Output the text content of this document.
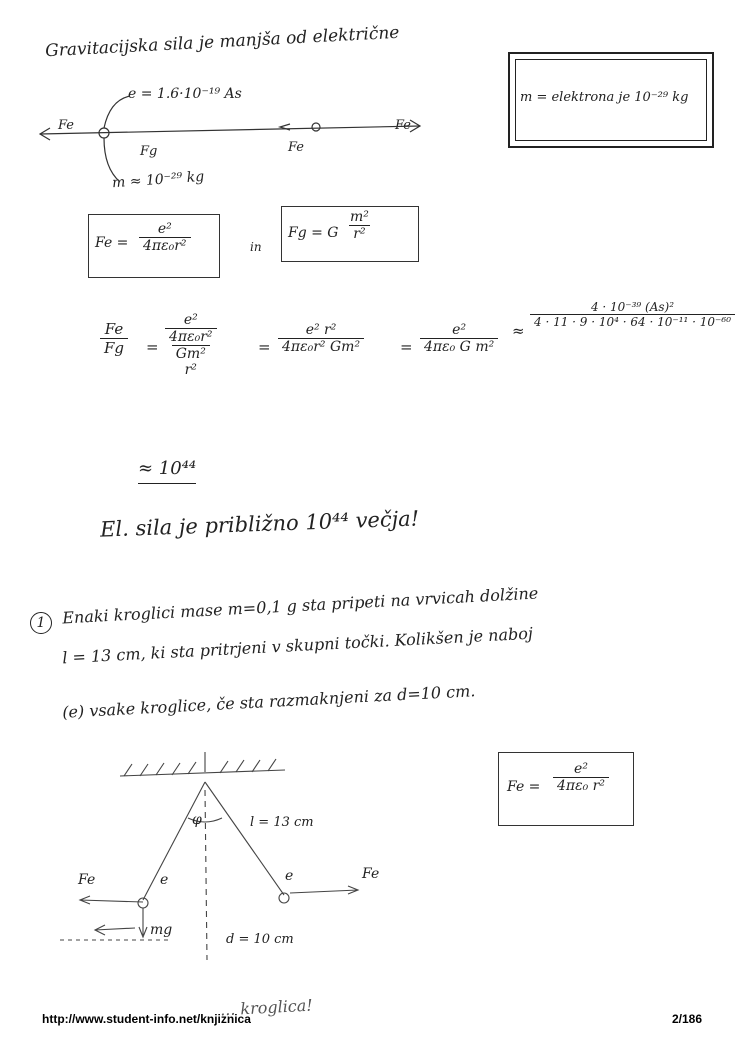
Gravitacijska sila je manjša od električne
e = 1.6·10⁻¹⁹ As
m ≈ 10⁻²⁹ kg
m = elektrona je 10⁻²⁹ kg
Fe
Fg	Fe
Fe
$Fe = \frac{\text{e²}}{\text{4πε₀r²}}$	in
Fg = G $\frac{\text{m²}}{\text{r²}}$
$\frac{Fe}{Fg}$ =
e²
4πε₀r²
Gm²
r²
= $\frac{\text{e² r²}}{\text{4πε₀r² Gm²}} = \frac{\text{e²}}{\text{4πε₀ G m²}}$ ≈
$\frac{\text{4 · 10⁻³⁹ (As)²}}{\text{4 · 11 · 9 · 10⁴ · 64 · 10⁻¹¹ · 10⁻⁶⁰}}$
≈ 10⁴⁴
El. sila je približno 10⁴⁴ večja!
1	Enaki kroglici mase m=0,1 g sta pripeti na vrvicah dolžine
l = 13 cm, ki sta pritrjeni v skupni točki. Kolikšen je naboj
(e) vsake kroglice, če sta razmaknjeni za d=10 cm.
$Fe = \frac{\text{e²}}{\text{4πε₀ r²}}$
φ	l = 13 cm
Fe	Fe
e	e
mg
d = 10 cm
... kroglica!
http://www.student-info.net/knjiznica	2/186
